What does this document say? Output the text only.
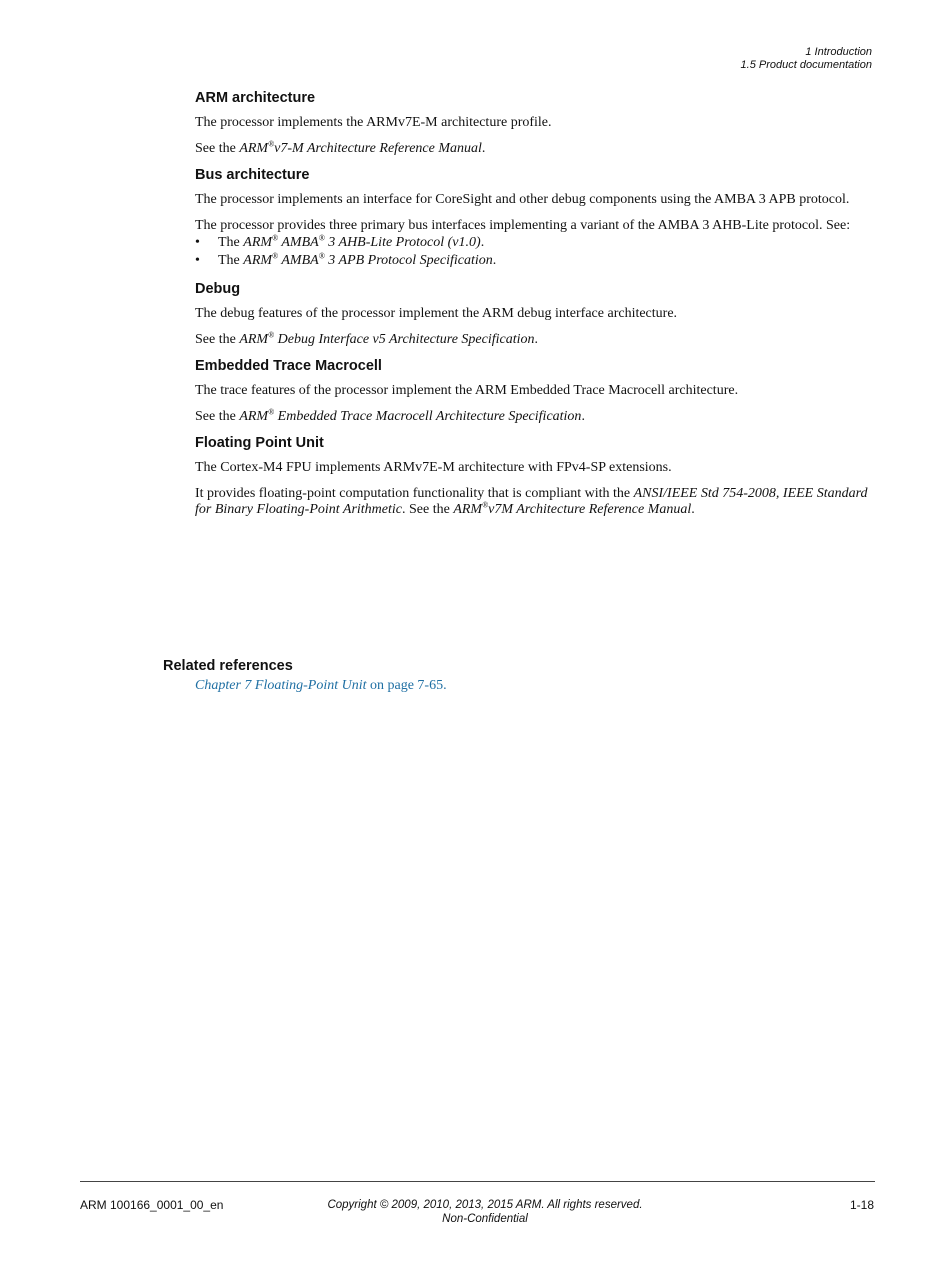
1 Introduction
1.5 Product documentation
ARM architecture
The processor implements the ARMv7E-M architecture profile.
See the ARM®v7-M Architecture Reference Manual.
Bus architecture
The processor implements an interface for CoreSight and other debug components using the AMBA 3 APB protocol.
The processor provides three primary bus interfaces implementing a variant of the AMBA 3 AHB-Lite protocol. See:
• The ARM® AMBA® 3 AHB-Lite Protocol (v1.0).
• The ARM® AMBA® 3 APB Protocol Specification.
Debug
The debug features of the processor implement the ARM debug interface architecture.
See the ARM® Debug Interface v5 Architecture Specification.
Embedded Trace Macrocell
The trace features of the processor implement the ARM Embedded Trace Macrocell architecture.
See the ARM® Embedded Trace Macrocell Architecture Specification.
Floating Point Unit
The Cortex-M4 FPU implements ARMv7E-M architecture with FPv4-SP extensions.
It provides floating-point computation functionality that is compliant with the ANSI/IEEE Std 754-2008, IEEE Standard for Binary Floating-Point Arithmetic. See the ARM®v7M Architecture Reference Manual.
Related references
Chapter 7 Floating-Point Unit on page 7-65.
ARM 100166_0001_00_en	Copyright © 2009, 2010, 2013, 2015 ARM. All rights reserved.
Non-Confidential
1-18
